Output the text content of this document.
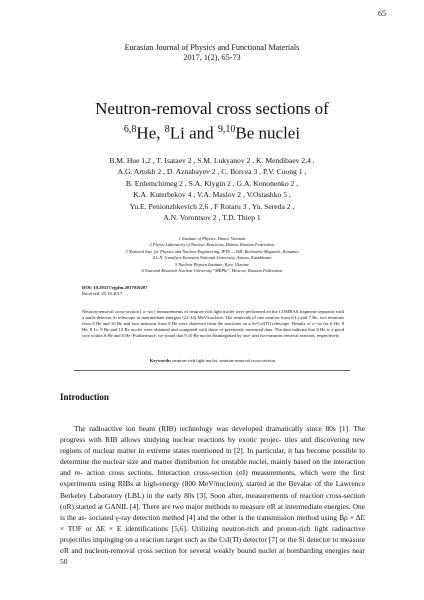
65
Eurasian Journal of Physics and Functional Materials
2017, 1(2), 65-73
Neutron-removal cross sections of
$^{6,8}$He, $^8$Li and $^{9,10}$Be nuclei
B.M. Hue 1,2 , T. Isataev 2 , S.M. Lukyanov 2 , K. Mendibaev 2,4 ,
A.G. Artukh 2 , D. Aznabayev 2 , C. Borcea 3 , P.V. Cuong 1 ,
B. Erdemchimeg 2 , S.A. Klygin 2 , G.A. Kononenko 2 ,
K.A. Kuterbekov 4 , V.A. Maslov 2 , V.Ostashko 5 ,
Yu.E. Penionzhkevich 2,6 , F Rotaru 3 , Yu. Sereda 2 ,
A.N. Vorontsov 2 , T.D. Thiep 1
1 Institute of Physics, Hanoi, Vietnam
2 Flerov Laboratory of Nuclear Reactions, Dubna, Russian Federation
3 National Inst. for Physics and Nuclear Engineering, IFIN — HH, Bucharest-Magurele, Romania
4 L.N. Gumilyov Eurasian National University, Astana, Kazakhstan
5 Nuclear Physics Institute, Kyiv, Ukraine
6 National Research Nuclear University "MEPhi", Moscow, Russian Federation
DOI: 10.29317/ejpfm.2017010207
Received: 25.10.2017

Neutron-removal cross-section ( σ−xn ) measurements of neutron-rich light nuclei were performed on the COMBAS fragment-separator with a multi-detector Si telescope at intermediate energies (22-34) MeV/nucleon. The removals of one neutron from 6 Li and 7 Be, two neutrons from 8 He and 10 Be and four neutrons from 8 He were observed from the reactions on a Si-CsI(Tl) telescope. Results of σ−xn for 6 He, 8 He, 8 Li, 9 Be and 10 Be nuclei were obtained and compared with those of previously measured data. The data indicate that 8 He is a good core within 6 He and 8 He. Furthermore, we found that 9,10 Be nuclei disintegrated by one- and two-neutron removal reaction, respectively.

Keywords: neutron-rich light nuclei, neutron-removal cross-section.
Introduction

The radioactive ion beam (RIB) technology was developed dramatically since 80s [1]. The progress with RIB allows studying nuclear reactions by exotic projec- tiles and discovering new regions of nuclear matter in extreme states mentioned in [2]. In particular, it has become possible to determine the nuclear size and matter distribution for unstable nuclei, mainly based on the interaction and re- action cross sections. Interaction cross-section (σI) measurements, which were the first experiments using RIBs at high-energy (800 MeV/nucleon), started at the Bevalac of the Lawrence Berkeley Laboratory (LBL) in the early 80s [3]. Soon after, measurements of reaction cross-section (σR) started at GANIL [4]. There are two major methods to measure σR at intermediate energies. One is the as- sociated γ-ray detection method [4] and the other is the transmission method using Bρ × ΔE × TOF or ΔE × E identifications [5,6]. Utilizing neutron-rich and proton-rich light radioactive projectiles impinging on a reaction target such as the CsI(Tl) detector [7] or the Si detector to measure σR and nucleon-removal cross section for several weakly bound nuclei at bombarding energies near 50
